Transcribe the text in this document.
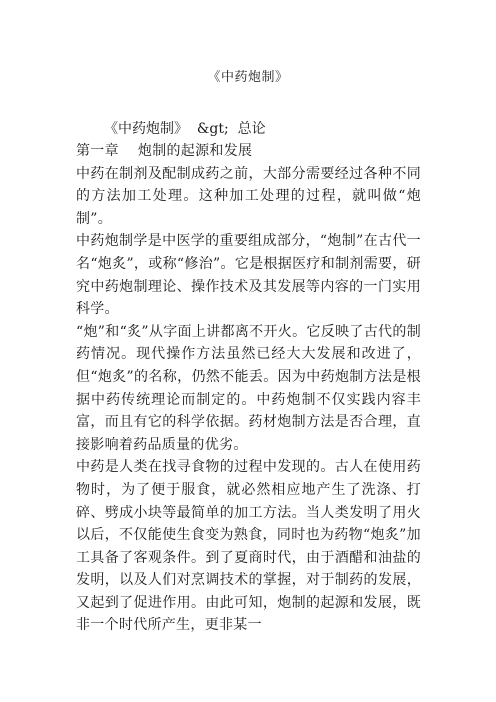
《中药炮制》
《中药炮制》  &gt;  总论

第一章    炮制的起源和发展

中药在制剂及配制成药之前，大部分需要经过各种不同的方法加工处理。这种加工处理的过程，就叫做“炮制”。

中药炮制学是中医学的重要组成部分，“炮制”在古代一名“炮炙”，或称“修治”。它是根据医疗和制剂需要，研究中药炮制理论、操作技术及其发展等内容的一门实用科学。

“炮”和“炙”从字面上讲都离不开火。它反映了古代的制药情况。现代操作方法虽然已经大大发展和改进了，但“炮炙”的名称，仍然不能丢。因为中药炮制方法是根据中药传统理论而制定的。中药炮制不仅实践内容丰富，而且有它的科学依据。药材炮制方法是否合理，直接影响着药品质量的优劣。

中药是人类在找寻食物的过程中发现的。古人在使用药物时，为了便于服食，就必然相应地产生了洗涤、打碎、劈成小块等最简单的加工方法。当人类发明了用火以后，不仅能使生食变为熟食，同时也为药物“炮炙”加工具备了客观条件。到了夏商时代，由于酒醋和油盐的发明，以及人们对烹调技术的掌握，对于制药的发展，又起到了促进作用。由此可知，炮制的起源和发展，既非一个时代所产生，更非某一
